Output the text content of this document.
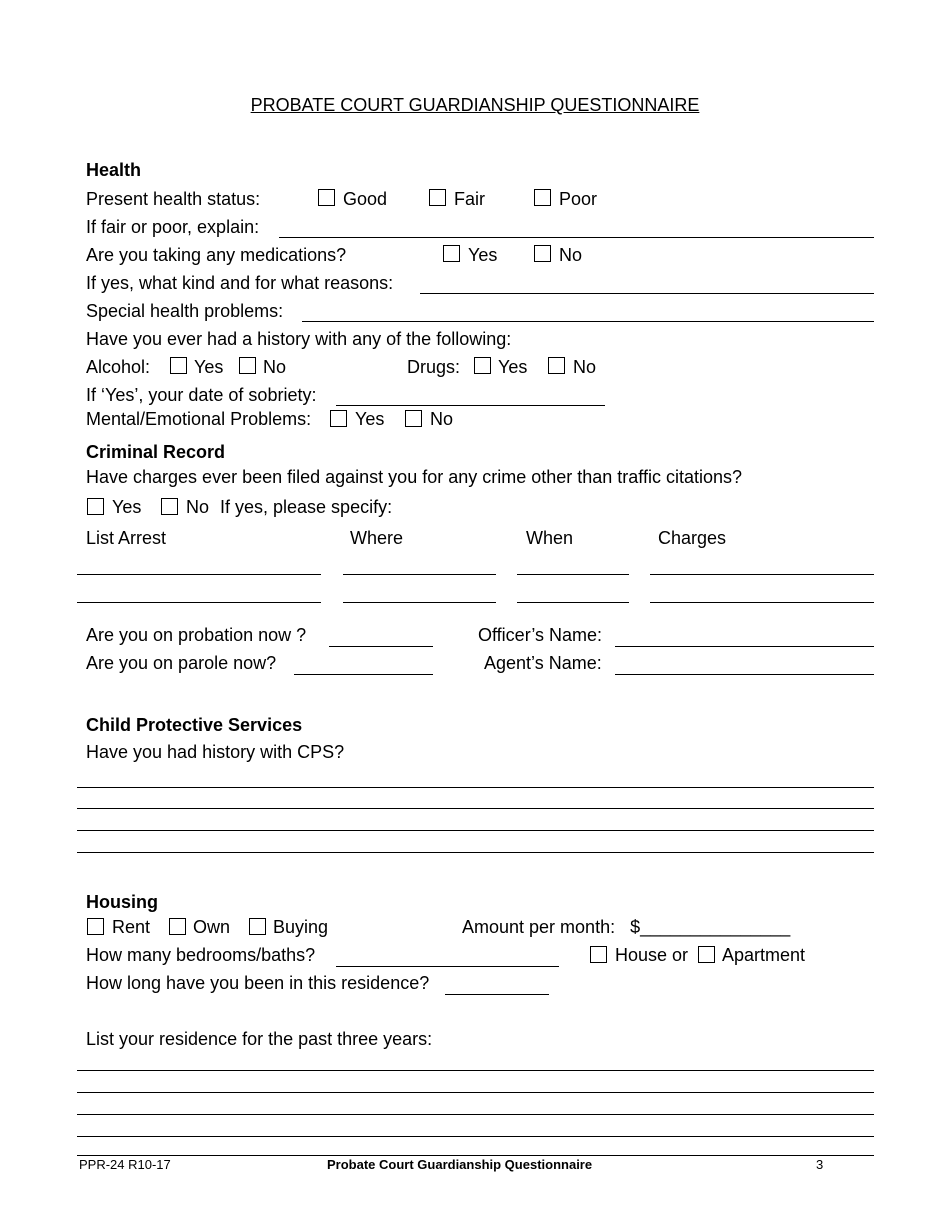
PROBATE COURT GUARDIANSHIP QUESTIONNAIRE
Health
Present health status:	Good	Fair	Poor
If fair or poor, explain:
Are you taking any medications?	Yes	No
If yes, what kind and for what reasons:
Special health problems:
Have you ever had a history with any of the following:
Alcohol: Yes No	Drugs: Yes	No
If ‘Yes’, your date of sobriety:
Mental/Emotional Problems: Yes	No
Criminal Record
Have charges ever been filed against you for any crime other than traffic citations?
Yes No If yes, please specify:
List Arrest	Where	When	Charges
Are you on probation now ?	Officer’s Name:
Are you on parole now?	Agent’s Name:
Child Protective Services
Have you had history with CPS?
Housing
Rent Own Buying	Amount per month:   $_______________
How many bedrooms/baths?	House or Apartment
How long have you been in this residence?
List your residence for the past three years:
PPR-24 R10-17	Probate Court Guardianship Questionnaire	3
